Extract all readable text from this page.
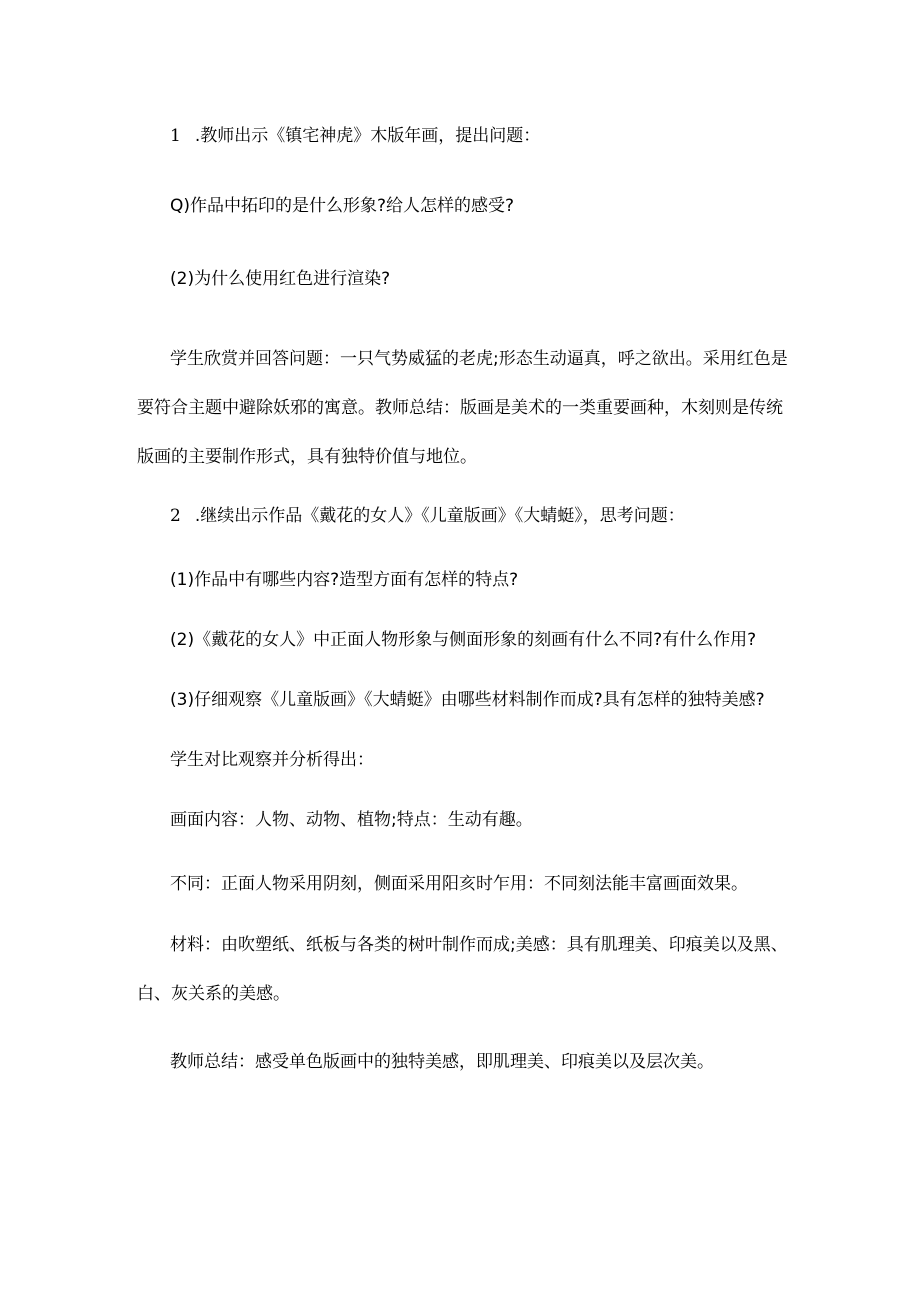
1 .教师出示《镇宅神虎》木版年画，提出问题：
Q)作品中拓印的是什么形象?给人怎样的感受?
(2)为什么使用红色进行渲染?
学生欣赏并回答问题：一只气势威猛的老虎;形态生动逼真，呼之欲出。采用红色是
要符合主题中避除妖邪的寓意。教师总结：版画是美术的一类重要画种，木刻则是传统
版画的主要制作形式，具有独特价值与地位。
2 .继续出示作品《戴花的女人》《儿童版画》《大蜻蜓》，思考问题：
(1)作品中有哪些内容?造型方面有怎样的特点?
(2)《戴花的女人》中正面人物形象与侧面形象的刻画有什么不同?有什么作用?
(3)仔细观察《儿童版画》《大蜻蜓》由哪些材料制作而成?具有怎样的独特美感?
学生对比观察并分析得出：
画面内容：人物、动物、植物;特点：生动有趣。
不同：正面人物采用阴刻，侧面采用阳亥时乍用：不同刻法能丰富画面效果。
材料：由吹塑纸、纸板与各类的树叶制作而成;美感：具有肌理美、印痕美以及黑、
白、灰关系的美感。
教师总结：感受单色版画中的独特美感，即肌理美、印痕美以及层次美。
